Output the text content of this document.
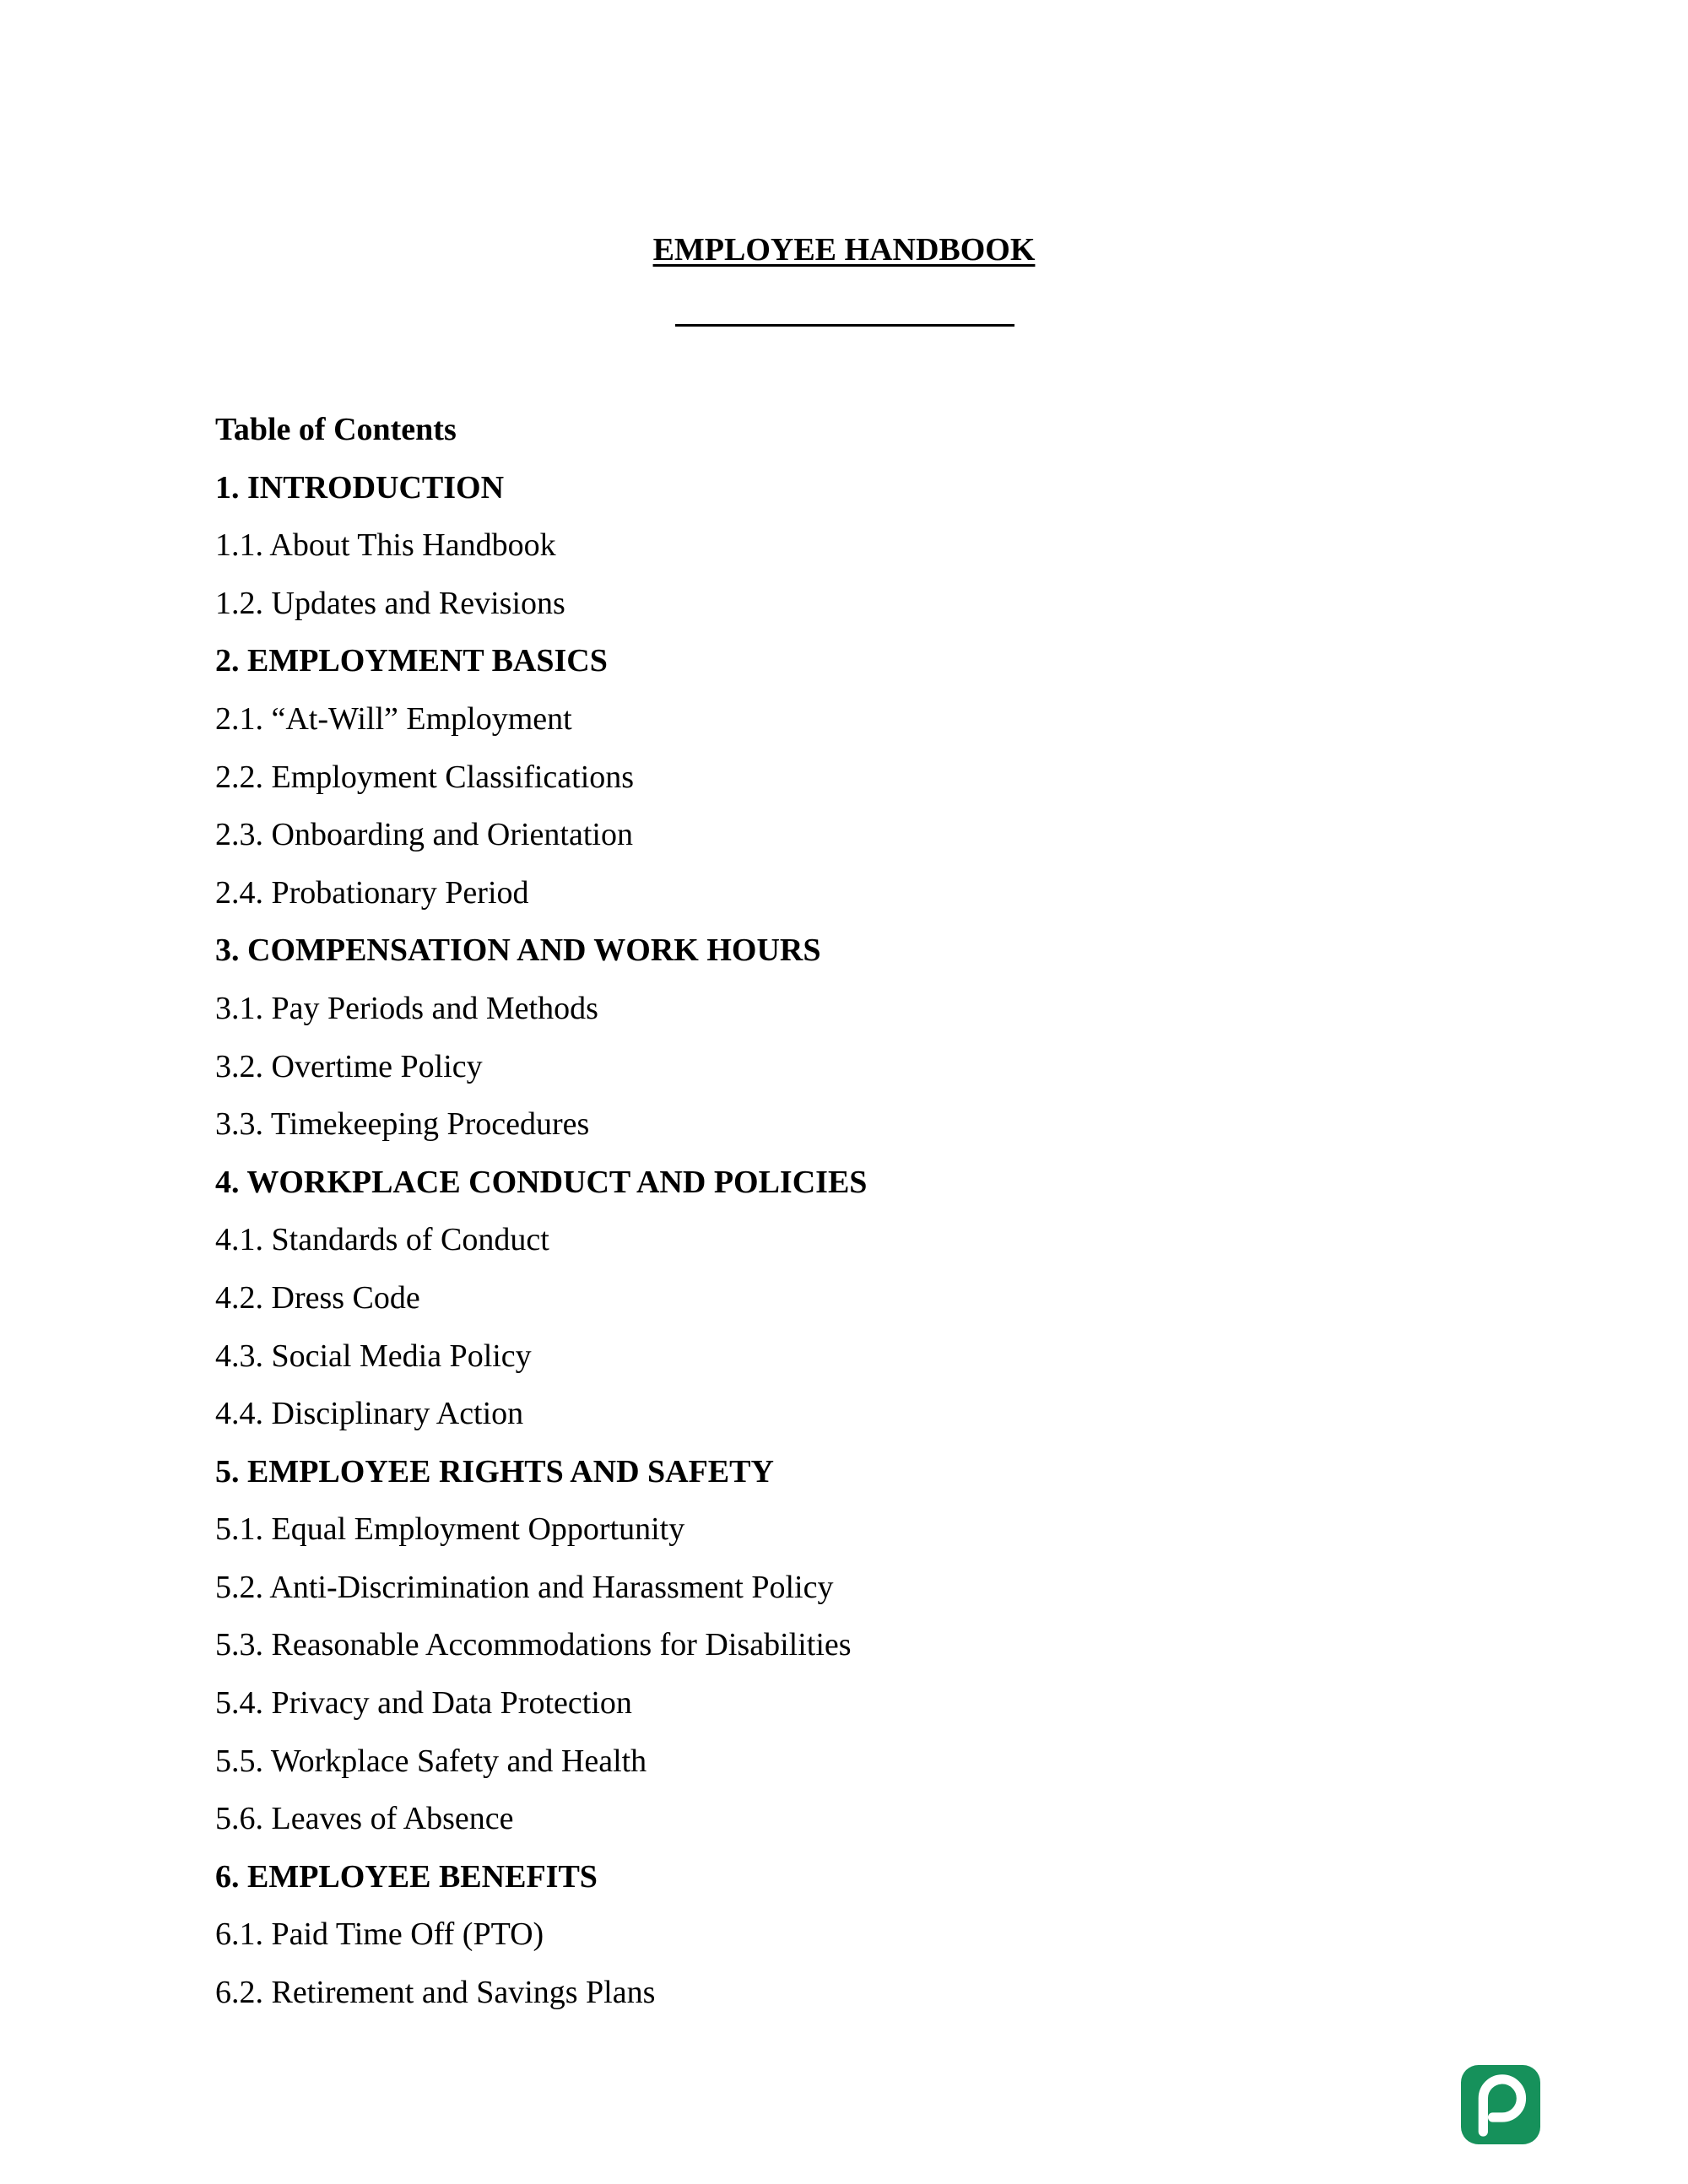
EMPLOYEE HANDBOOK

Table of Contents

1. INTRODUCTION
1.1. About This Handbook
1.2. Updates and Revisions
2. EMPLOYMENT BASICS
2.1. “At-Will” Employment
2.2. Employment Classifications
2.3. Onboarding and Orientation
2.4. Probationary Period
3. COMPENSATION AND WORK HOURS
3.1. Pay Periods and Methods
3.2. Overtime Policy
3.3. Timekeeping Procedures
4. WORKPLACE CONDUCT AND POLICIES
4.1. Standards of Conduct
4.2. Dress Code
4.3. Social Media Policy
4.4. Disciplinary Action
5. EMPLOYEE RIGHTS AND SAFETY
5.1. Equal Employment Opportunity
5.2. Anti-Discrimination and Harassment Policy
5.3. Reasonable Accommodations for Disabilities
5.4. Privacy and Data Protection
5.5. Workplace Safety and Health
5.6. Leaves of Absence
6. EMPLOYEE BENEFITS
6.1. Paid Time Off (PTO)
6.2. Retirement and Savings Plans
